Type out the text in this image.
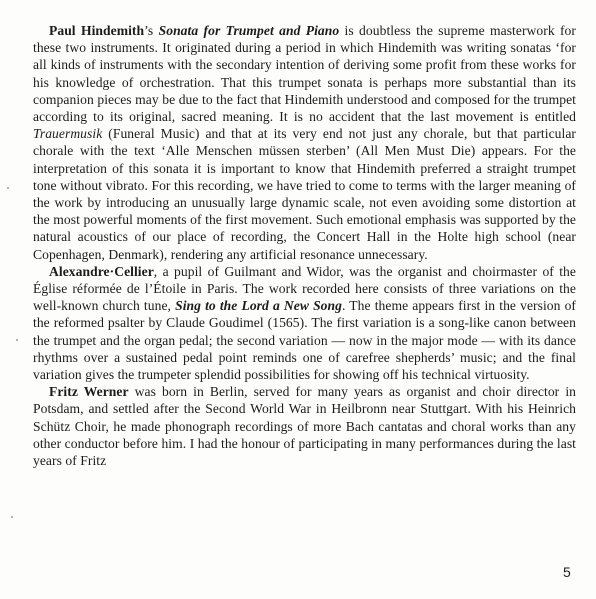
Paul Hindemith’s Sonata for Trumpet and Piano is doubtless the supreme masterwork for these two instruments. It originated during a period in which Hindemith was writing sonatas ‘for all kinds of instruments with the secondary intention of deriving some profit from these works for his knowledge of orchestration. That this trumpet sonata is perhaps more substantial than its companion pieces may be due to the fact that Hindemith understood and composed for the trumpet according to its original, sacred meaning. It is no accident that the last movement is entitled Trauermusik (Funeral Music) and that at its very end not just any chorale, but that particular chorale with the text ‘Alle Menschen müssen sterben’ (All Men Must Die) appears. For the interpretation of this sonata it is important to know that Hindemith preferred a straight trumpet tone without vibrato. For this recording, we have tried to come to terms with the larger meaning of the work by introducing an unusually large dynamic scale, not even avoiding some distortion at the most powerful moments of the first movement. Such emotional emphasis was supported by the natural acoustics of our place of recording, the Concert Hall in the Holte high school (near Copenhagen, Denmark), rendering any artificial resonance unnecessary.

Alexandre·Cellier, a pupil of Guilmant and Widor, was the organist and choirmaster of the Église réformée de l’Étoile in Paris. The work recorded here consists of three variations on the well-known church tune, Sing to the Lord a New Song. The theme appears first in the version of the reformed psalter by Claude Goudimel (1565). The first variation is a song-like canon between the trumpet and the organ pedal; the second variation — now in the major mode — with its dance rhythms over a sustained pedal point reminds one of carefree shepherds’ music; and the final variation gives the trumpeter splendid possibilities for showing off his technical virtuosity.

Fritz Werner was born in Berlin, served for many years as organist and choir director in Potsdam, and settled after the Second World War in Heilbronn near Stuttgart. With his Heinrich Schütz Choir, he made phonograph recordings of more Bach cantatas and choral works than any other conductor before him. I had the honour of participating in many performances during the last years of Fritz

5
